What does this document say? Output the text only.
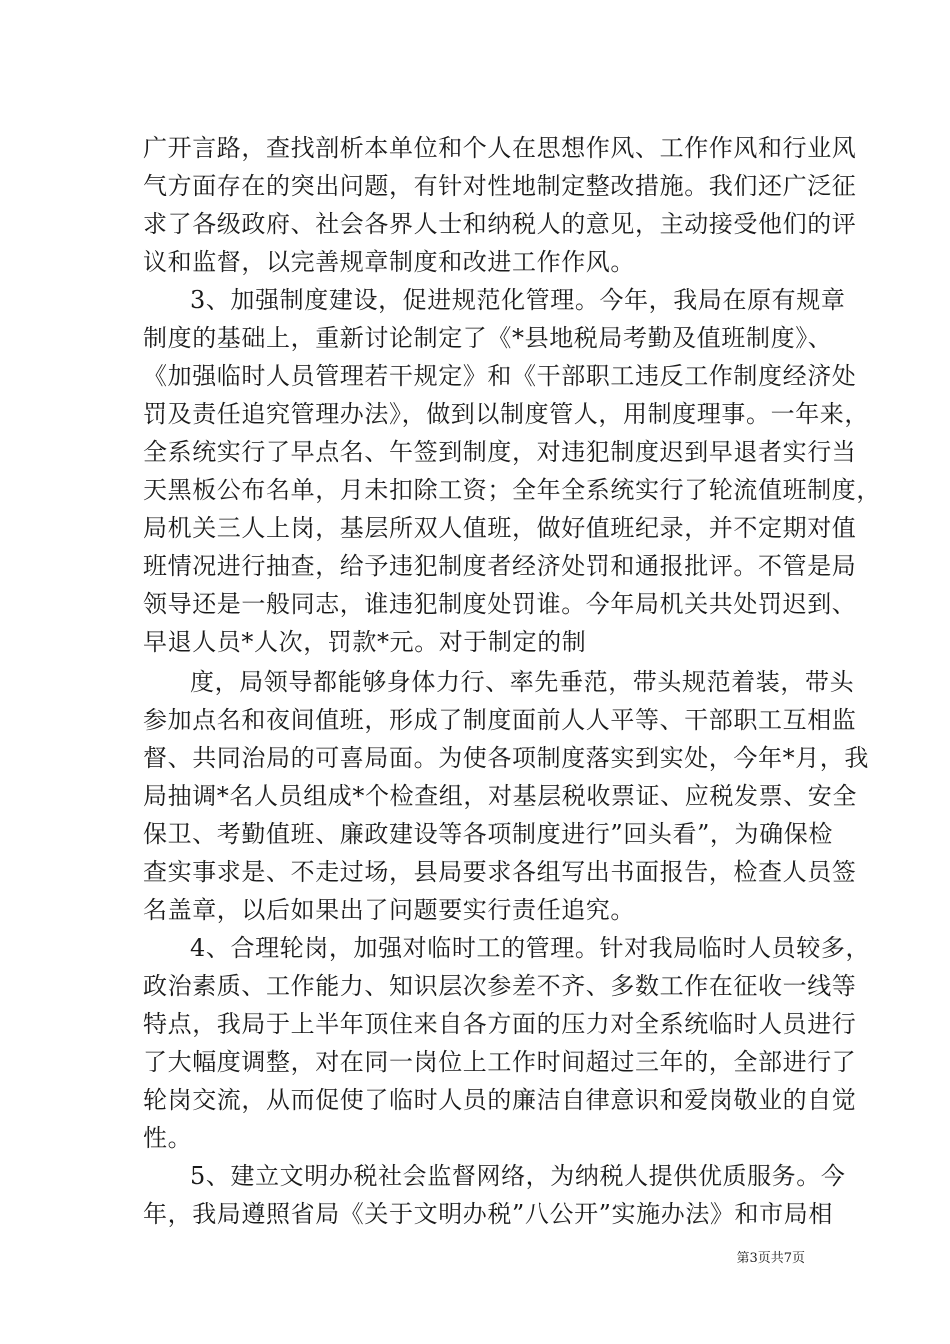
广开言路，查找剖析本单位和个人在思想作风、工作作风和行业风
气方面存在的突出问题，有针对性地制定整改措施。我们还广泛征
求了各级政府、社会各界人士和纳税人的意见，主动接受他们的评
议和监督，以完善规章制度和改进工作作风。
3、加强制度建设，促进规范化管理。今年，我局在原有规章
制度的基础上，重新讨论制定了《*县地税局考勤及值班制度》、
《加强临时人员管理若干规定》和《干部职工违反工作制度经济处
罚及责任追究管理办法》，做到以制度管人，用制度理事。一年来，
全系统实行了早点名、午签到制度，对违犯制度迟到早退者实行当
天黑板公布名单，月未扣除工资；全年全系统实行了轮流值班制度，
局机关三人上岗，基层所双人值班，做好值班纪录，并不定期对值
班情况进行抽查，给予违犯制度者经济处罚和通报批评。不管是局
领导还是一般同志，谁违犯制度处罚谁。今年局机关共处罚迟到、
早退人员*人次，罚款*元。对于制定的制
度，局领导都能够身体力行、率先垂范，带头规范着装，带头
参加点名和夜间值班，形成了制度面前人人平等、干部职工互相监
督、共同治局的可喜局面。为使各项制度落实到实处，今年*月，我
局抽调*名人员组成*个检查组，对基层税收票证、应税发票、安全
保卫、考勤值班、廉政建设等各项制度进行”回头看”，为确保检
查实事求是、不走过场，县局要求各组写出书面报告，检查人员签
名盖章，以后如果出了问题要实行责任追究。
4、合理轮岗，加强对临时工的管理。针对我局临时人员较多，
政治素质、工作能力、知识层次参差不齐、多数工作在征收一线等
特点，我局于上半年顶住来自各方面的压力对全系统临时人员进行
了大幅度调整，对在同一岗位上工作时间超过三年的，全部进行了
轮岗交流，从而促使了临时人员的廉洁自律意识和爱岗敬业的自觉
性。
5、建立文明办税社会监督网络，为纳税人提供优质服务。今
年，我局遵照省局《关于文明办税”八公开”实施办法》和市局相
第3页共7页
